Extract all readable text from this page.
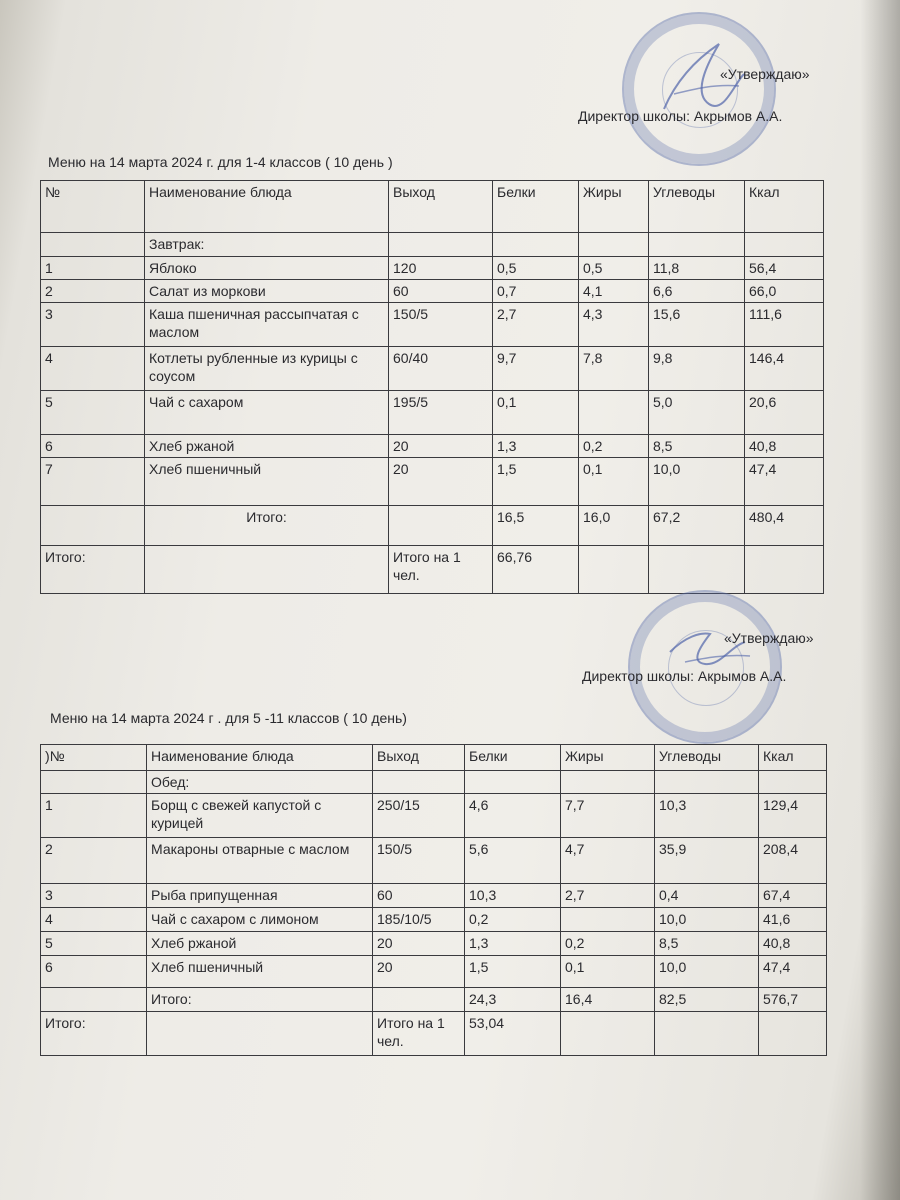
«Утверждаю»
Директор школы: Акрымов А.А.
Меню на 14 марта 2024 г. для 1-4 классов ( 10 день )
№	Наименование блюда	Выход	Белки	Жиры	Углеводы	Ккал
	Завтрак:					
1	Яблоко	120	0,5	0,5	11,8	56,4
2	Салат из моркови	60	0,7	4,1	6,6	66,0
3	Каша пшеничная рассыпчатая с маслом	150/5	2,7	4,3	15,6	111,6
4	Котлеты рубленные из курицы с соусом	60/40	9,7	7,8	9,8	146,4
5	Чай с сахаром	195/5	0,1		5,0	20,6
6	Хлеб ржаной	20	1,3	0,2	8,5	40,8
7	Хлеб пшеничный	20	1,5	0,1	10,0	47,4
	Итого:		16,5	16,0	67,2	480,4
Итого:		Итого на 1 чел.	66,76			
«Утверждаю»
Директор школы: Акрымов А.А.
Меню на 14 марта 2024 г . для 5 -11 классов ( 10 день)
)№	Наименование блюда	Выход	Белки	Жиры	Углеводы	Ккал
	Обед:					
1	Борщ с свежей капустой с курицей	250/15	4,6	7,7	10,3	129,4
2	Макароны отварные с маслом	150/5	5,6	4,7	35,9	208,4
3	Рыба припущенная	60	10,3	2,7	0,4	67,4
4	Чай с сахаром с лимоном	185/10/5	0,2		10,0	41,6
5	Хлеб ржаной	20	1,3	0,2	8,5	40,8
6	Хлеб пшеничный	20	1,5	0,1	10,0	47,4
	Итого:		24,3	16,4	82,5	576,7
Итого:		Итого на 1 чел.	53,04			
